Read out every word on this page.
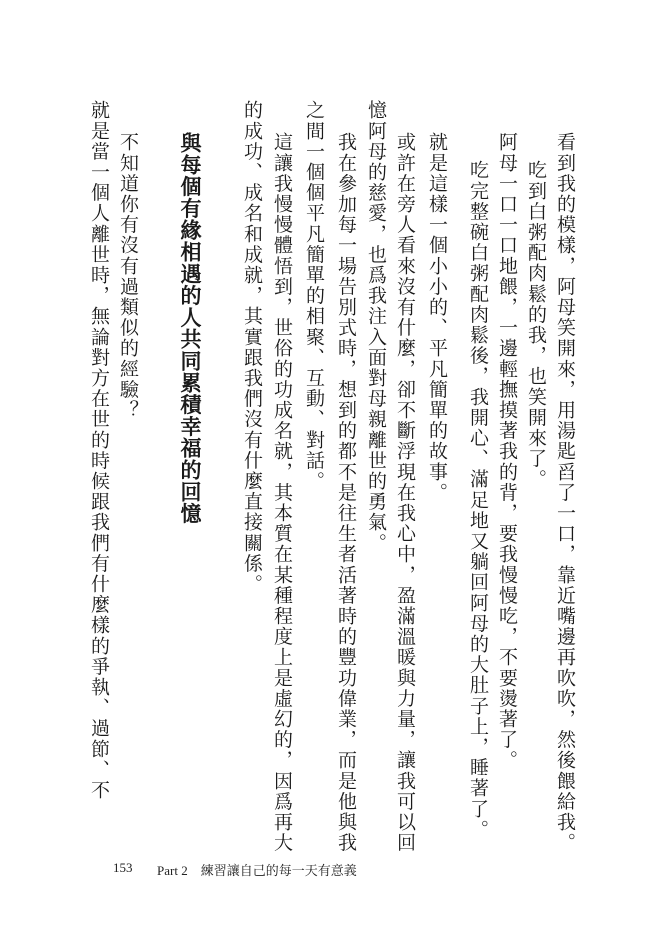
看到我的模樣，阿母笑開來，用湯匙舀了一口，靠近嘴邊再吹吹，然後餵給我。
吃到白粥配肉鬆的我，也笑開來了。
阿母一口一口地餵，一邊輕撫摸著我的背，要我慢慢吃，不要燙著了。
吃完整碗白粥配肉鬆後，我開心、滿足地又躺回阿母的大肚子上，睡著了。
就是這樣一個小小的、平凡簡單的故事。
或許在旁人看來沒有什麼，卻不斷浮現在我心中，盈滿溫暖與力量，讓我可以回
憶阿母的慈愛，也爲我注入面對母親離世的勇氣。
我在參加每一場告別式時，想到的都不是往生者活著時的豐功偉業，而是他與我
之間一個個平凡簡單的相聚、互動、對話。
這讓我慢慢體悟到，世俗的功成名就，其本質在某種程度上是虛幻的，因爲再大
的成功、成名和成就，其實跟我們沒有什麼直接關係。
與每個有緣相遇的人共同累積幸福的回憶
不知道你有沒有過類似的經驗？
就是當一個人離世時，無論對方在世的時候跟我們有什麼樣的爭執、過節、不
153 Part 2　練習讓自己的每一天有意義
